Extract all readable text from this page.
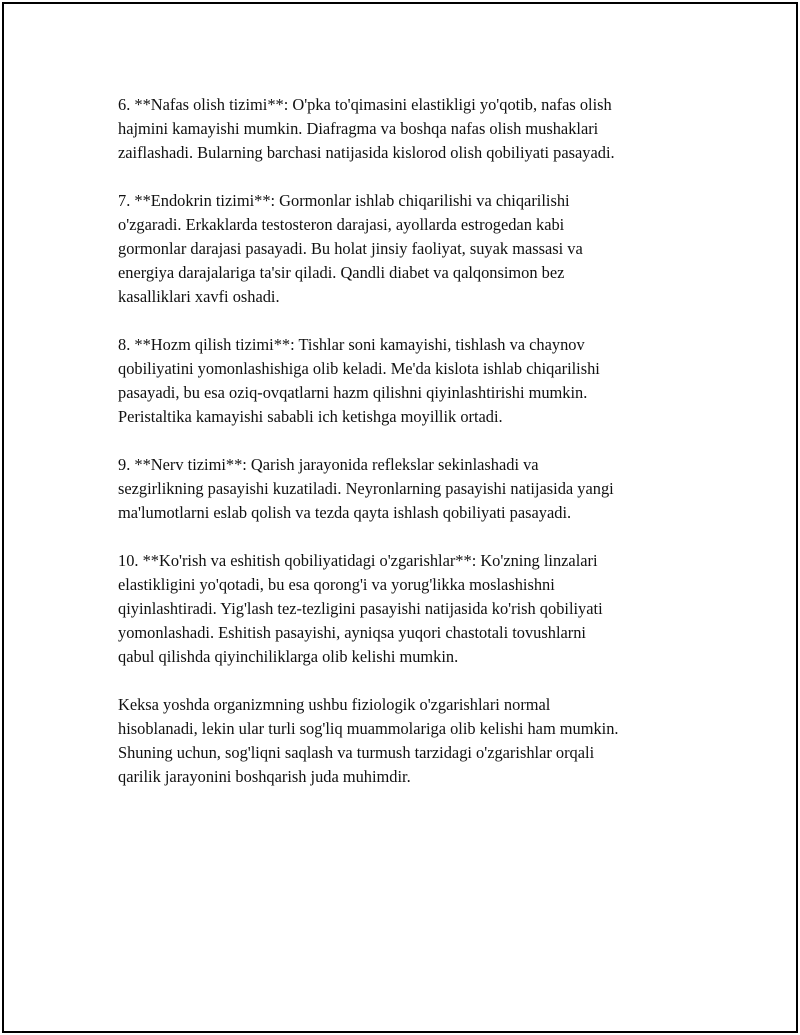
6. **Nafas olish tizimi**: O'pka to'qimasini elastikligi yo'qotib, nafas olish
hajmini kamayishi mumkin. Diafragma va boshqa nafas olish mushaklari
zaiflashadi. Bularning barchasi natijasida kislorod olish qobiliyati pasayadi.

7. **Endokrin tizimi**: Gormonlar ishlab chiqarilishi va chiqarilishi
o'zgaradi. Erkaklarda testosteron darajasi, ayollarda estrogedan kabi
gormonlar darajasi pasayadi. Bu holat jinsiy faoliyat, suyak massasi va
energiya darajalariga ta'sir qiladi. Qandli diabet va qalqonsimon bez
kasalliklari xavfi oshadi.

8. **Hozm qilish tizimi**: Tishlar soni kamayishi, tishlash va chaynov
qobiliyatini yomonlashishiga olib keladi. Me'da kislota ishlab chiqarilishi
pasayadi, bu esa oziq-ovqatlarni hazm qilishni qiyinlashtirishi mumkin.
Peristaltika kamayishi sababli ich ketishga moyillik ortadi.

9. **Nerv tizimi**: Qarish jarayonida reflekslar sekinlashadi va
sezgirlikning pasayishi kuzatiladi. Neyronlarning pasayishi natijasida yangi
ma'lumotlarni eslab qolish va tezda qayta ishlash qobiliyati pasayadi.

10. **Ko'rish va eshitish qobiliyatidagi o'zgarishlar**: Ko'zning linzalari
elastikligini yo'qotadi, bu esa qorong'i va yorug'likka moslashishni
qiyinlashtiradi. Yig'lash tez-tezligini pasayishi natijasida ko'rish qobiliyati
yomonlashadi. Eshitish pasayishi, ayniqsa yuqori chastotali tovushlarni
qabul qilishda qiyinchiliklarga olib kelishi mumkin.

Keksa yoshda organizmning ushbu fiziologik o'zgarishlari normal
hisoblanadi, lekin ular turli sog'liq muammolariga olib kelishi ham mumkin.
Shuning uchun, sog'liqni saqlash va turmush tarzidagi o'zgarishlar orqali
qarilik jarayonini boshqarish juda muhimdir.
